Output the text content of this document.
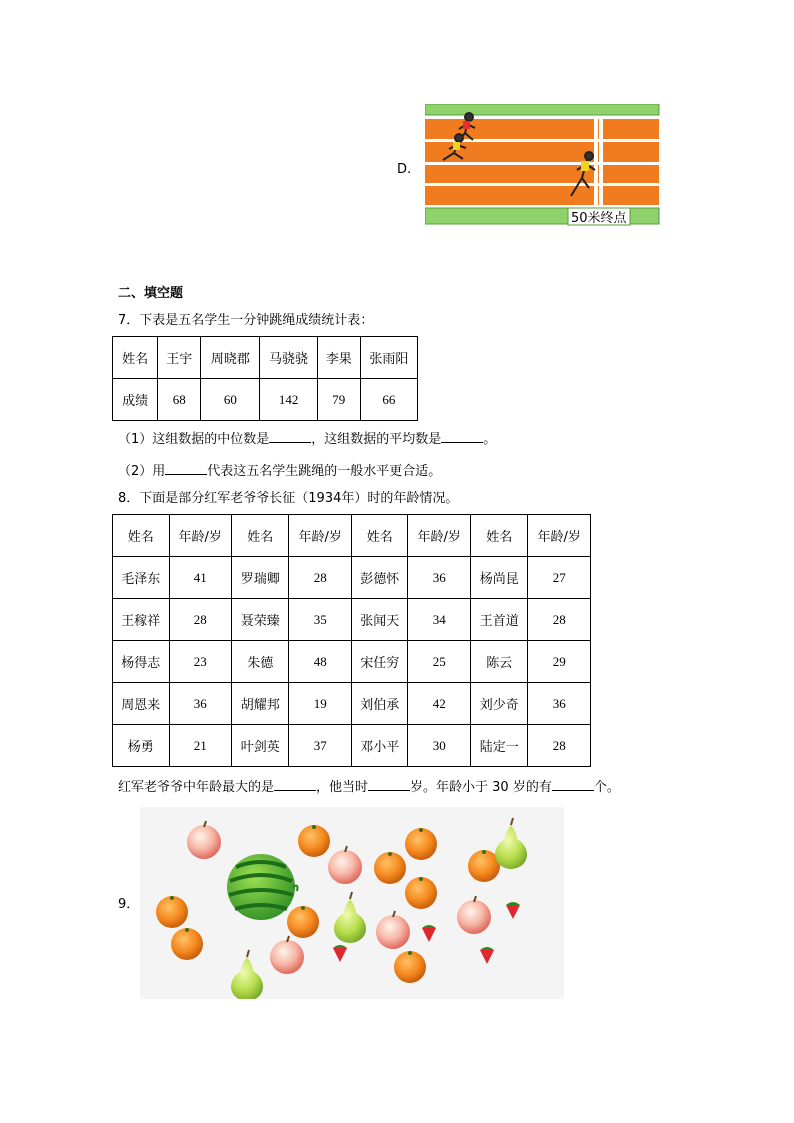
D.
50米终点
二、填空题
7．下表是五名学生一分钟跳绳成绩统计表：
姓名	王宇	周晓郡	马骁骁	李果	张雨阳
成绩	68	60	142	79	66
（1）这组数据的中位数是	，这组数据的平均数是	。
（2）用	代表这五名学生跳绳的一般水平更合适。
8．下面是部分红军老爷爷长征（1934年）时的年龄情况。
姓名	年龄/岁	姓名	年龄/岁	姓名	年龄/岁	姓名	年龄/岁
毛泽东	41	罗瑞卿	28	彭德怀	36	杨尚昆	27
王稼祥	28	聂荣臻	35	张闻天	34	王首道	28
杨得志	23	朱德	48	宋任穷	25	陈云	29
周恩来	36	胡耀邦	19	刘伯承	42	刘少奇	36
杨勇	21	叶剑英	37	邓小平	30	陆定一	28
红军老爷爷中年龄最大的是	，他当时	岁。年龄小于 30 岁的有	个。
9．
